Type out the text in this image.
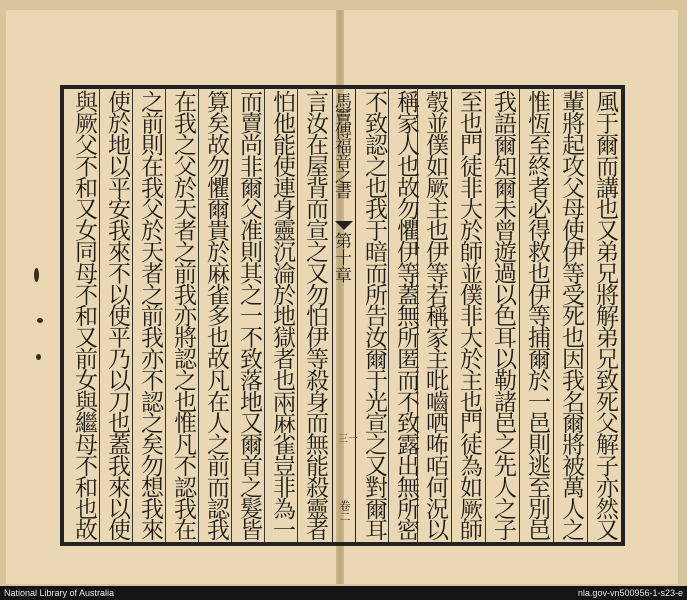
馬竇傳福音之書
第十章
三一
卷二
風于爾而講也又弟兄將解弟兄致死父解子亦然又
輩將起攻父母使伊等受死也因我名爾將被萬人之
惟恆至終者必得救也伊等捕爾於一邑則逃至別邑
我語爾知爾未曾遊過以色耳以勒諸邑之先人之子
至也門徒非大於師並僕非大於主也門徒為如厥師
彀並僕如厥主也伊等若稱家主吡嚙哂咘咟何況以
稱家人也故勿懼伊等蓋無所匿而不致露出無所密
不致認之也我于暗而所告汝爾于光宣之又對爾耳
言汝在屋背而宣之又勿怕伊等殺身而無能殺靈者
怕他能使連身靈沉淪於地獄者也兩麻雀豈非為一
而賣尚非爾父准則其之一不致落地又爾首之髮皆
算矣故勿懼爾貴於麻雀多也故凡在人之前而認我
在我之父於天者之前我亦將認之也惟凡不認我在
之前則在我父於天者之前我亦不認之矣勿想我來
使於地以平安我來不以使平乃以刀也蓋我來以使
與厥父不和又女同母不和又前女與繼母不和也故
National Library of Australia	nla.gov-vn500956-1-s23-e
